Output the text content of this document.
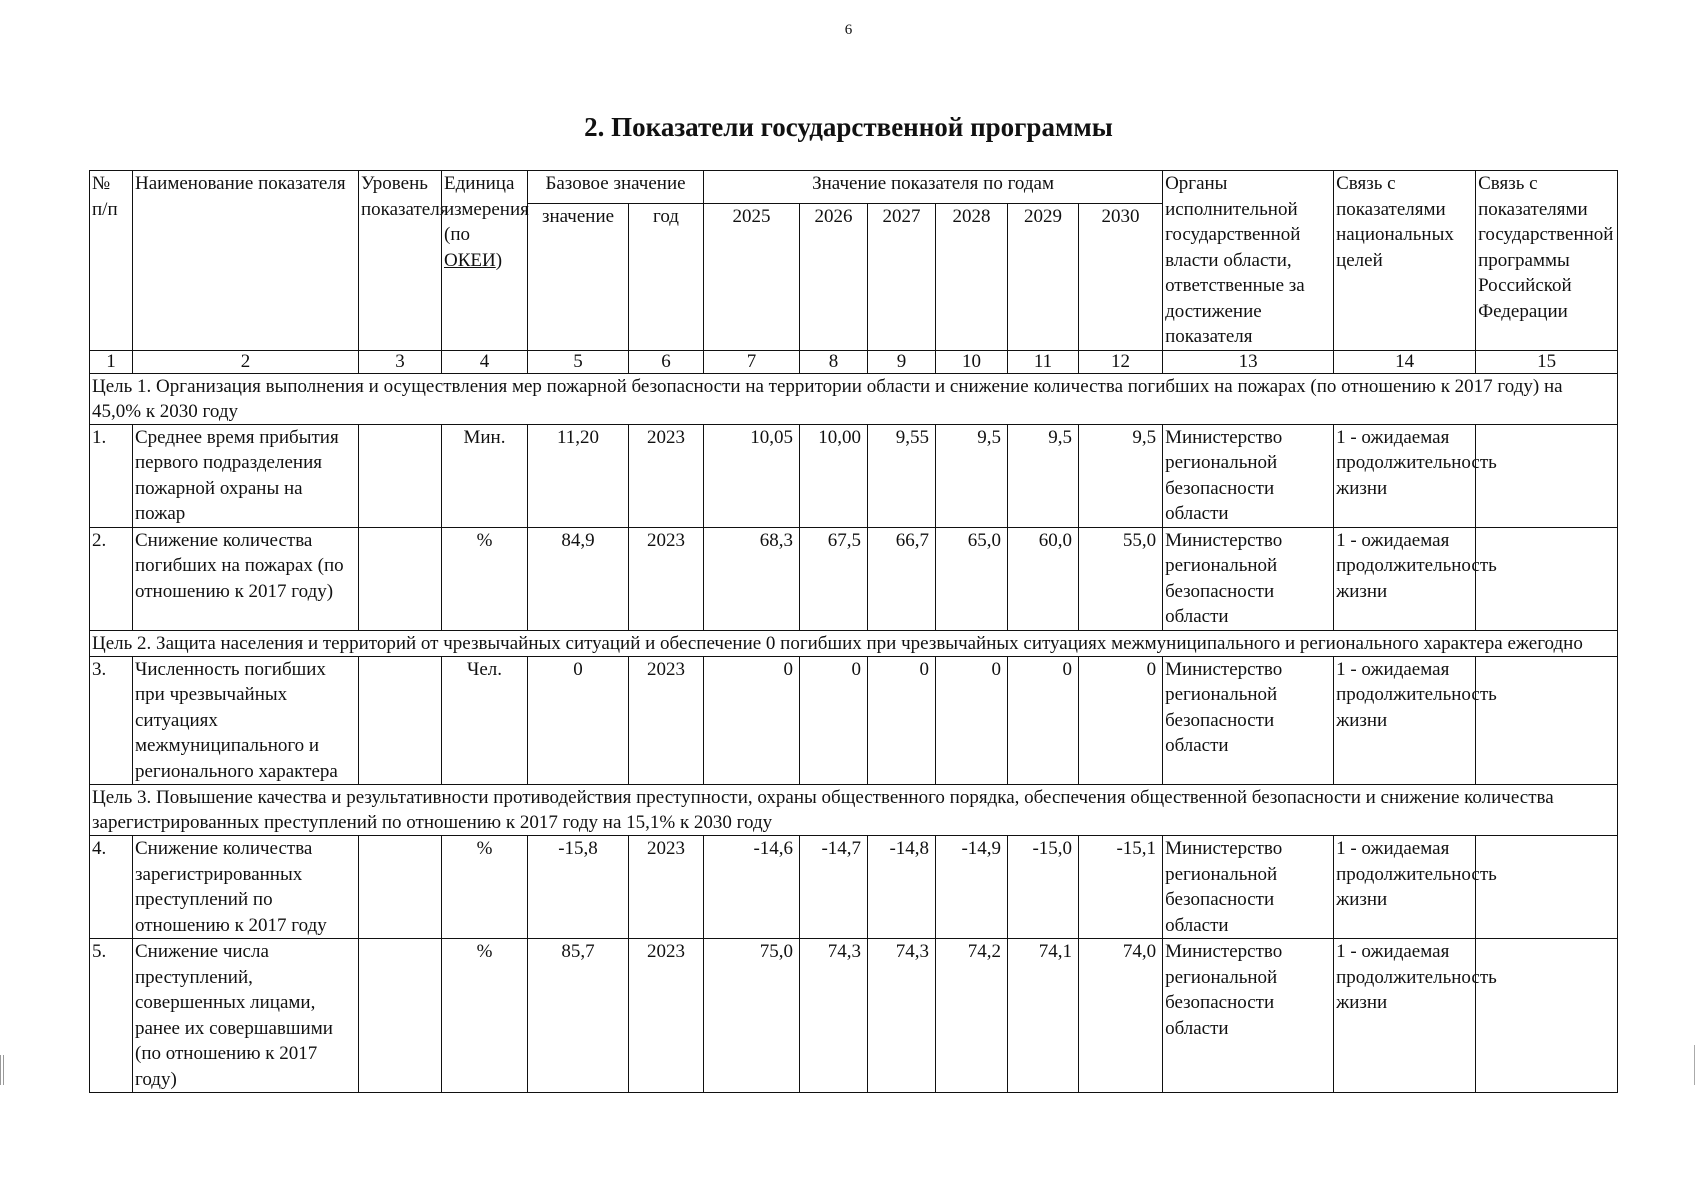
6
2. Показатели государственной программы
№ п/п	Наименование показателя	Уровень показателя	Единица измерения (по ОКЕИ)	Базовое значение		Значение показателя по годам						Органы исполнительной государственной власти области, ответственные за достижение показателя	Связь с показателями национальных целей	Связь с показателями государственной программы Российской Федерации
				значение	год	2025	2026	2027	2028	2029	2030			
1	2	3	4	5	6	7	8	9	10	11	12	13	14	15
Цель 1. Организация выполнения и осуществления мер пожарной безопасности на территории области и снижение количества погибших на пожарах (по отношению к 2017 году) на 45,0% к 2030 году														
1.	Среднее время прибытия первого подразделения пожарной охраны на пожар		Мин.	11,20	2023	10,05	10,00	9,55	9,5	9,5	9,5	Министерство региональной безопасности области	1 - ожидаемая продолжительность жизни	
2.	Снижение количества погибших на пожарах (по отношению к 2017 году)		%	84,9	2023	68,3	67,5	66,7	65,0	60,0	55,0	Министерство региональной безопасности области	1 - ожидаемая продолжительность жизни	
Цель 2. Защита населения и территорий от чрезвычайных ситуаций и обеспечение 0 погибших при чрезвычайных ситуациях межмуниципального и регионального характера ежегодно														
3.	Численность погибших при чрезвычайных ситуациях межмуниципального и регионального характера		Чел.	0	2023	0	0	0	0	0	0	Министерство региональной безопасности области	1 - ожидаемая продолжительность жизни	
Цель 3. Повышение качества и результативности противодействия преступности, охраны общественного порядка, обеспечения общественной безопасности и снижение количества зарегистрированных преступлений по отношению к 2017 году на 15,1% к 2030 году														
4.	Снижение количества зарегистрированных преступлений по отношению к 2017 году		%	-15,8	2023	-14,6	-14,7	-14,8	-14,9	-15,0	-15,1	Министерство региональной безопасности области	1 - ожидаемая продолжительность жизни	
5.	Снижение числа преступлений, совершенных лицами, ранее их совершавшими (по отношению к 2017 году)		%	85,7	2023	75,0	74,3	74,3	74,2	74,1	74,0	Министерство региональной безопасности области	1 - ожидаемая продолжительность жизни	
